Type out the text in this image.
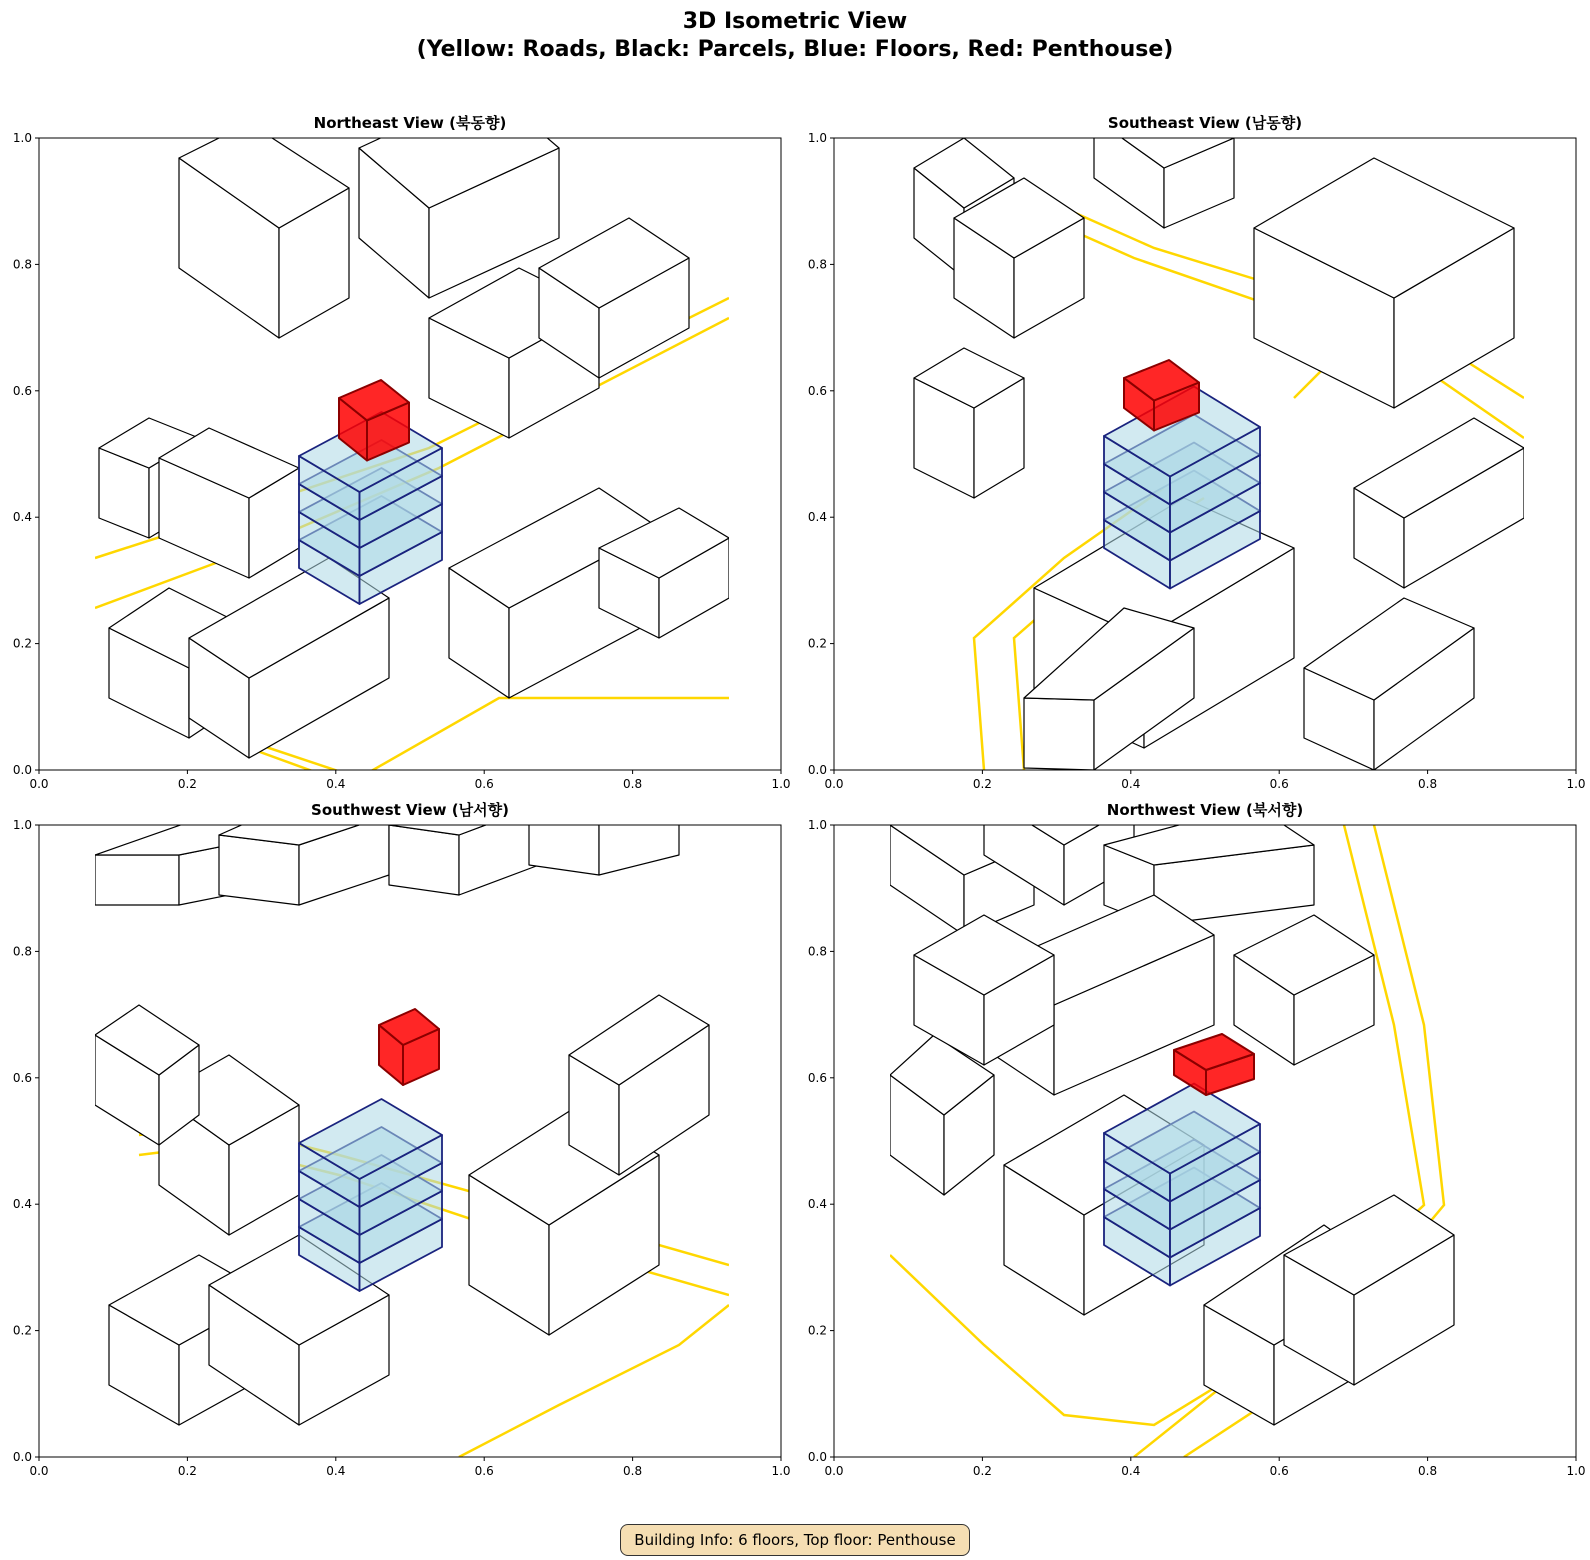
3D Isometric View
(Yellow: Roads, Black: Parcels, Blue: Floors, Red: Penthouse)
Northeast View (북동향)
0.0	0.2	0.4	0.6	0.8	1.0
0.0
0.2
0.4
0.6
0.8
1.0
Southeast View (남동향)
0.0	0.2	0.4	0.6	0.8	1.0
0.0
0.2
0.4
0.6
0.8
1.0
Southwest View (남서향)
0.0	0.2	0.4	0.6	0.8	1.0
0.0
0.2
0.4
0.6
0.8
1.0
Northwest View (북서향)
0.0	0.2	0.4	0.6	0.8	1.0
0.0
0.2
0.4
0.6
0.8
1.0
Building Info: 6 floors, Top floor: Penthouse
